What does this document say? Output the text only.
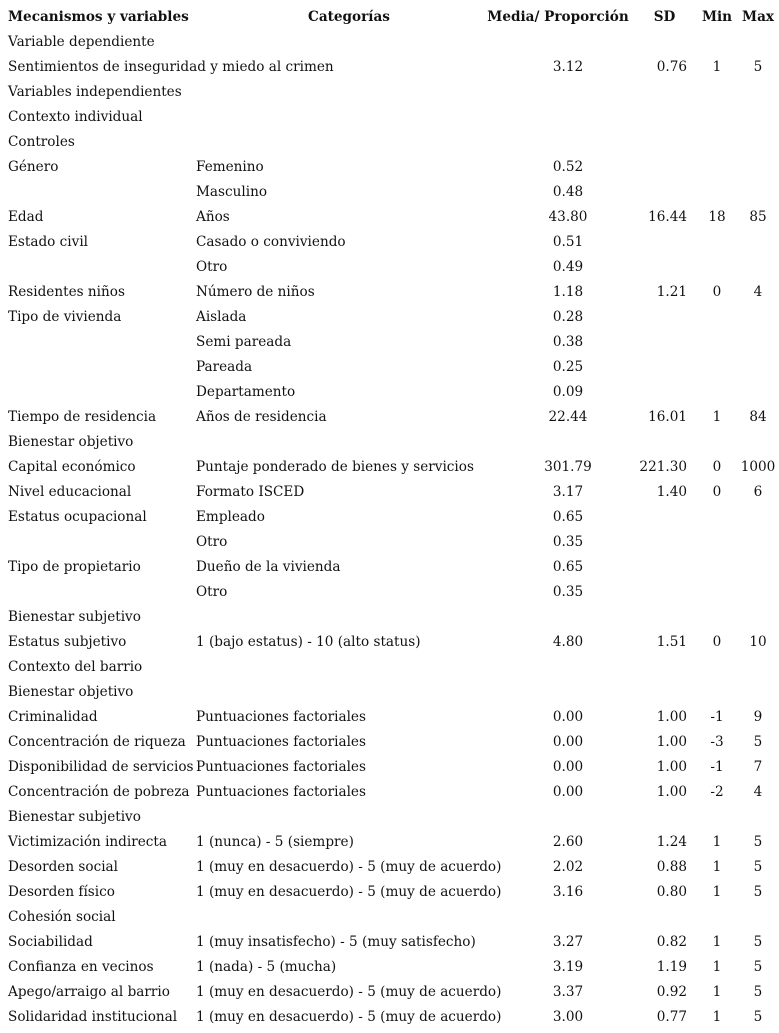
Mecanismos y variables	Categorías	Media/ Proporción	SD	Min	Max
Variable dependiente					
Sentimientos de inseguridad y miedo al crimen		3.12	0.76	1	5
Variables independientes					
Contexto individual					
Controles					
Género	Femenino	0.52			
	Masculino	0.48			
Edad	Años	43.80	16.44	18	85
Estado civil	Casado o conviviendo	0.51			
	Otro	0.49			
Residentes niños	Número de niños	1.18	1.21	0	4
Tipo de vivienda	Aislada	0.28			
	Semi pareada	0.38			
	Pareada	0.25			
	Departamento	0.09			
Tiempo de residencia	Años de residencia	22.44	16.01	1	84
Bienestar objetivo					
Capital económico	Puntaje ponderado de bienes y servicios	301.79	221.30	0	1000
Nivel educacional	Formato ISCED	3.17	1.40	0	6
Estatus ocupacional	Empleado	0.65			
	Otro	0.35			
Tipo de propietario	Dueño de la vivienda	0.65			
	Otro	0.35			
Bienestar subjetivo					
Estatus subjetivo	1 (bajo estatus) - 10 (alto status)	4.80	1.51	0	10
Contexto del barrio					
Bienestar objetivo					
Criminalidad	Puntuaciones factoriales	0.00	1.00	-1	9
Concentración de riqueza	Puntuaciones factoriales	0.00	1.00	-3	5
Disponibilidad de servicios	Puntuaciones factoriales	0.00	1.00	-1	7
Concentración de pobreza	Puntuaciones factoriales	0.00	1.00	-2	4
Bienestar subjetivo					
Victimización indirecta	1 (nunca) - 5 (siempre)	2.60	1.24	1	5
Desorden social	1 (muy en desacuerdo) - 5 (muy de acuerdo)	2.02	0.88	1	5
Desorden físico	1 (muy en desacuerdo) - 5 (muy de acuerdo)	3.16	0.80	1	5
Cohesión social					
Sociabilidad	1 (muy insatisfecho) - 5 (muy satisfecho)	3.27	0.82	1	5
Confianza en vecinos	1 (nada) - 5 (mucha)	3.19	1.19	1	5
Apego/arraigo al barrio	1 (muy en desacuerdo) - 5 (muy de acuerdo)	3.37	0.92	1	5
Solidaridad institucional	1 (muy en desacuerdo) - 5 (muy de acuerdo)	3.00	0.77	1	5
